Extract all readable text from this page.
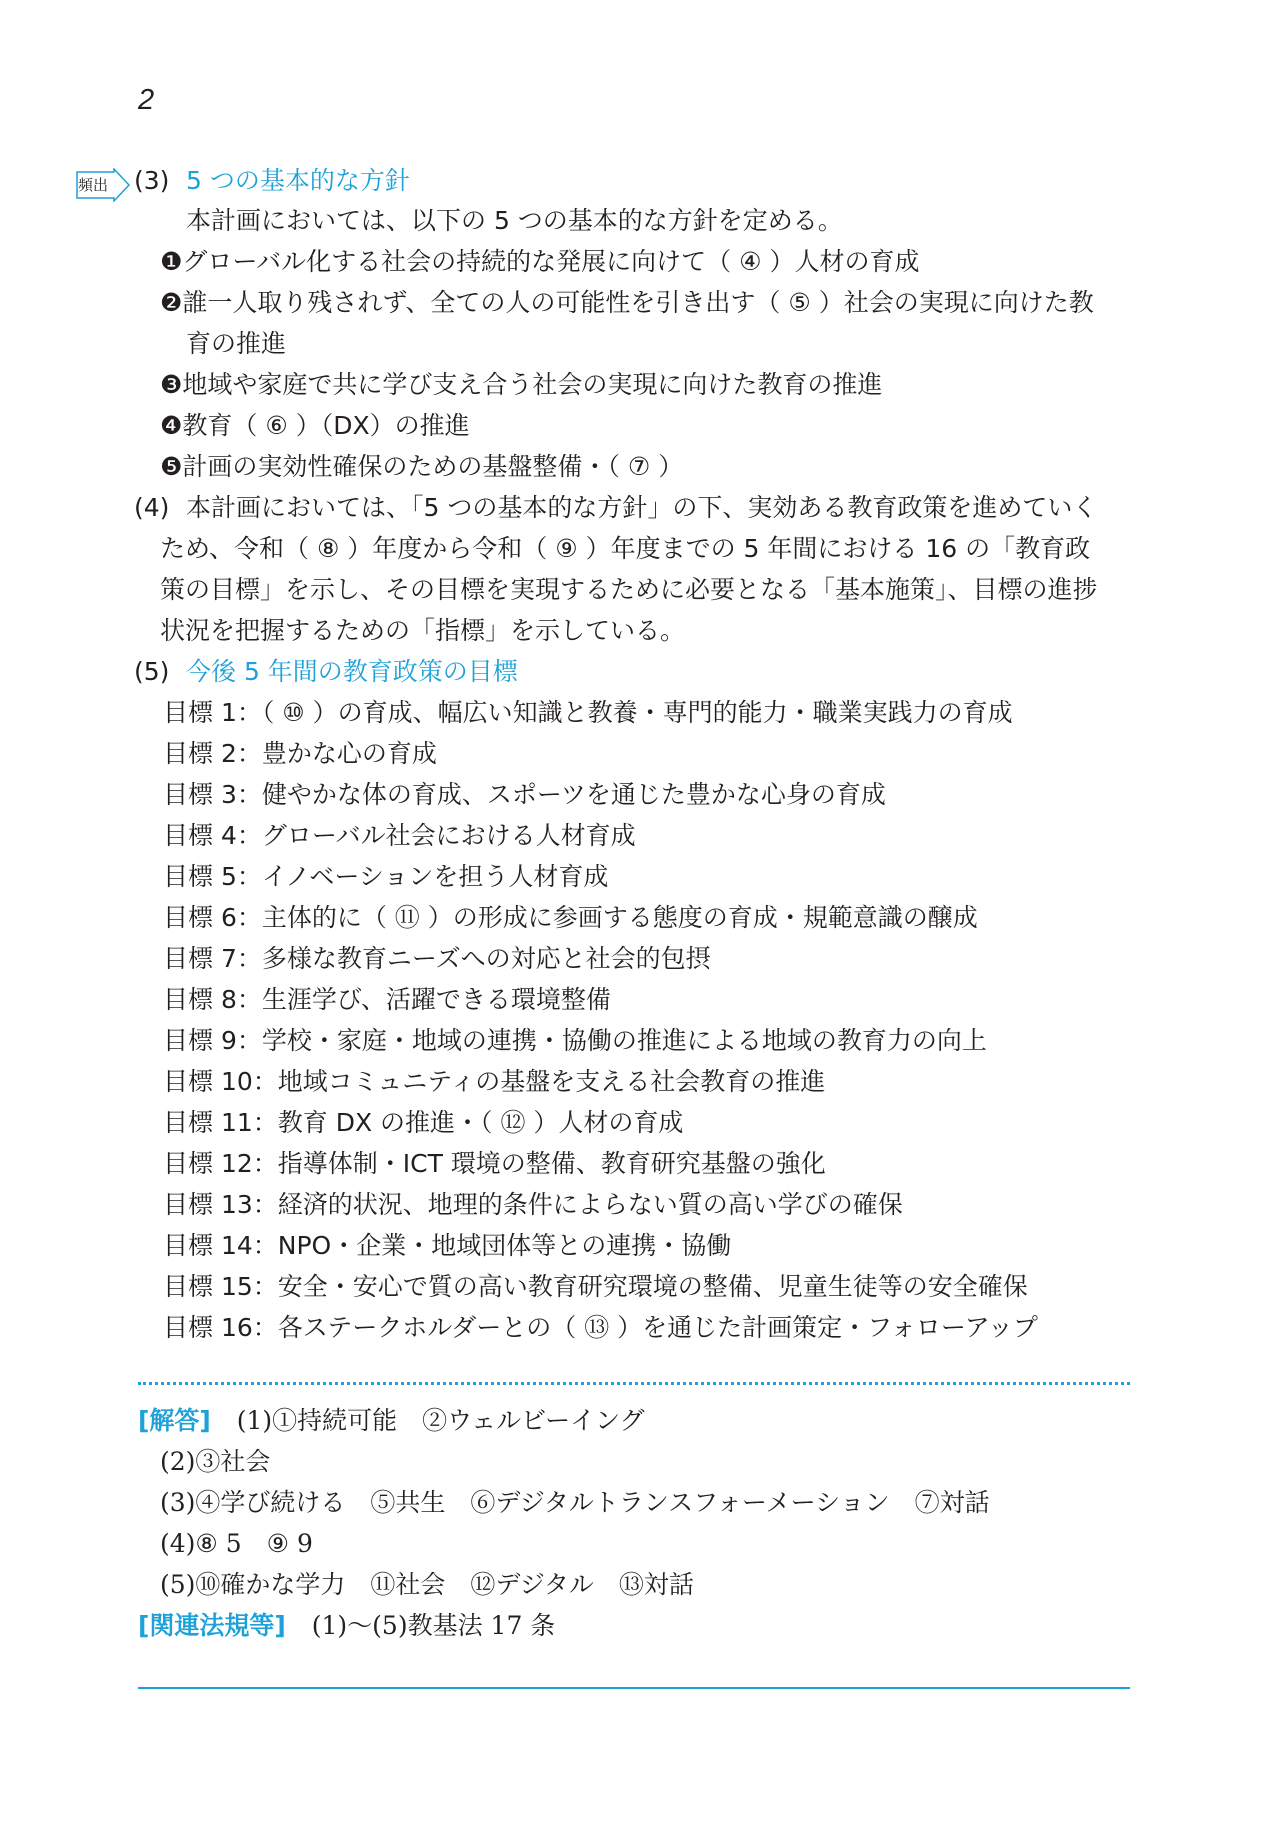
2
頻出 (3) 5 つの基本的な方針
本計画においては、以下の 5 つの基本的な方針を定める。
❶グローバル化する社会の持続的な発展に向けて（ ④ ）人材の育成
❷誰一人取り残されず、全ての人の可能性を引き出す（ ⑤ ）社会の実現に向けた教
育の推進
❸地域や家庭で共に学び支え合う社会の実現に向けた教育の推進
❹教育（ ⑥ ）（DX）の推進
❺計画の実効性確保のための基盤整備・（ ⑦ ）
(4) 本計画においては、「5 つの基本的な方針」の下、実効ある教育政策を進めていく
ため、令和（ ⑧ ）年度から令和（ ⑨ ）年度までの 5 年間における 16 の「教育政
策の目標」を示し、その目標を実現するために必要となる「基本施策」、目標の進捗
状況を把握するための「指標」を示している。
(5) 今後 5 年間の教育政策の目標
目標 1：（ ⑩ ）の育成、幅広い知識と教養・専門的能力・職業実践力の育成
目標 2：豊かな心の育成
目標 3：健やかな体の育成、スポーツを通じた豊かな心身の育成
目標 4：グローバル社会における人材育成
目標 5：イノベーションを担う人材育成
目標 6：主体的に（ ⑪ ）の形成に参画する態度の育成・規範意識の醸成
目標 7：多様な教育ニーズへの対応と社会的包摂
目標 8：生涯学び、活躍できる環境整備
目標 9：学校・家庭・地域の連携・協働の推進による地域の教育力の向上
目標 10：地域コミュニティの基盤を支える社会教育の推進
目標 11：教育 DX の推進・（ ⑫ ）人材の育成
目標 12：指導体制・ICT 環境の整備、教育研究基盤の強化
目標 13：経済的状況、地理的条件によらない質の高い学びの確保
目標 14：NPO・企業・地域団体等との連携・協働
目標 15：安全・安心で質の高い教育研究環境の整備、児童生徒等の安全確保
目標 16：各ステークホルダーとの（ ⑬ ）を通じた計画策定・フォローアップ
[解答] (1)①持続可能　②ウェルビーイング
(2)③社会
(3)④学び続ける　⑤共生　⑥デジタルトランスフォーメーション　⑦対話
(4)⑧ 5　⑨ 9
(5)⑩確かな学力　⑪社会　⑫デジタル　⑬対話
[関連法規等] (1)〜(5)教基法 17 条
